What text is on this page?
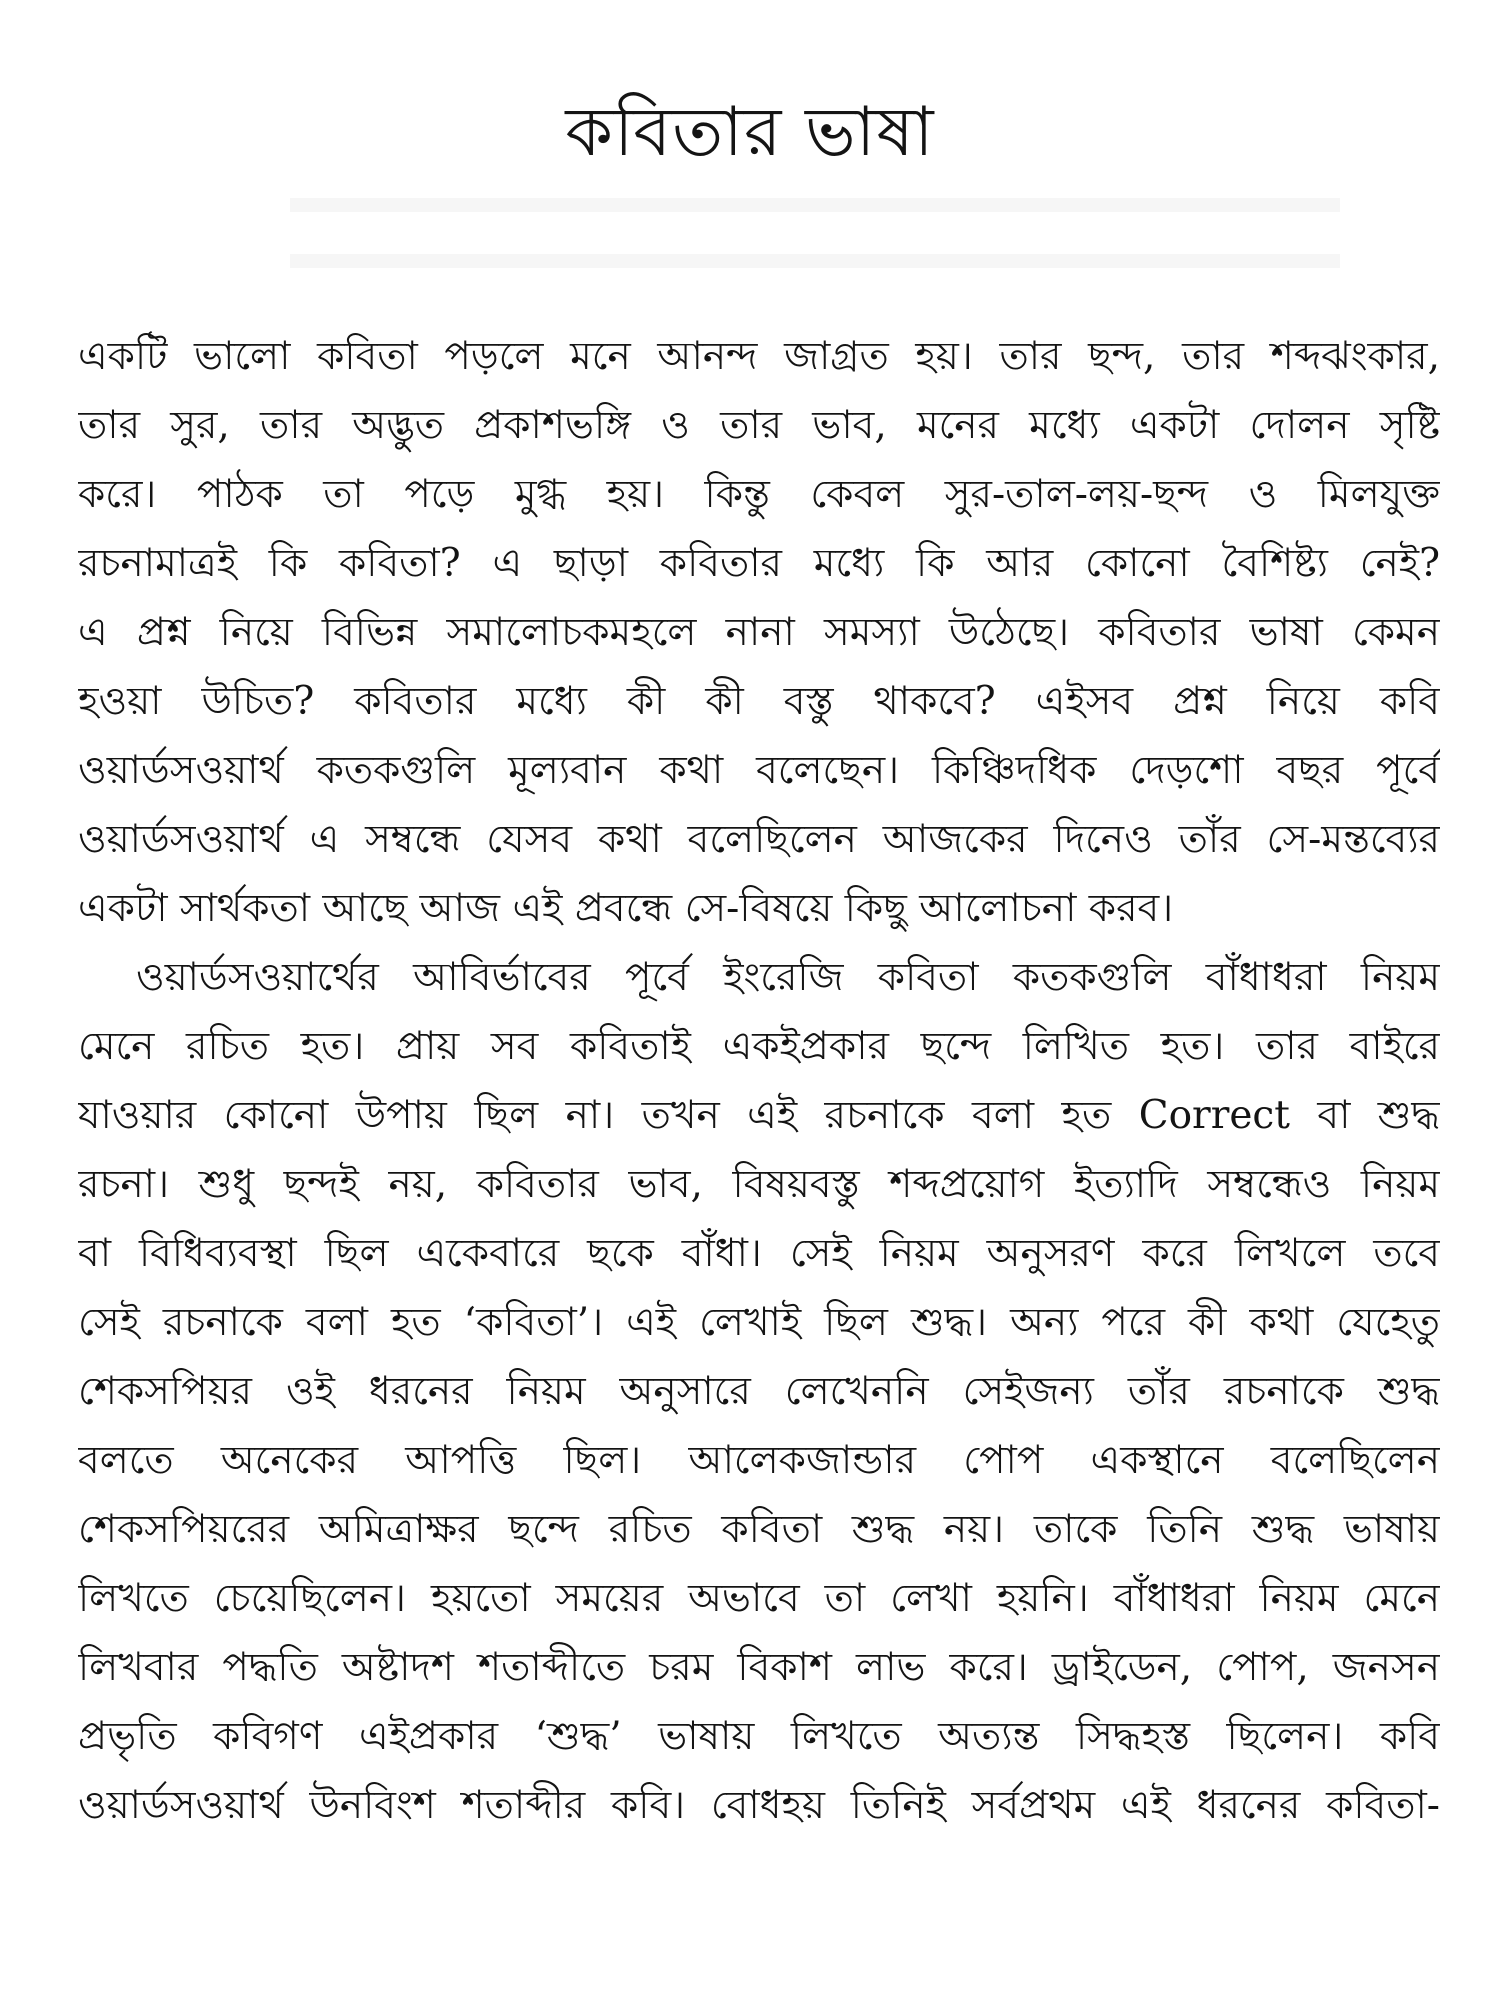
কবিতার ভাষা
একটি ভালো কবিতা পড়লে মনে আনন্দ জাগ্রত হয়। তার ছন্দ, তার শব্দঝংকার,
তার সুর, তার অদ্ভুত প্রকাশভঙ্গি ও তার ভাব, মনের মধ্যে একটা দোলন সৃষ্টি
করে। পাঠক তা পড়ে মুগ্ধ হয়। কিন্তু কেবল সুর-তাল-লয়-ছন্দ ও মিলযুক্ত
রচনামাত্রই কি কবিতা? এ ছাড়া কবিতার মধ্যে কি আর কোনো বৈশিষ্ট্য নেই?
এ প্রশ্ন নিয়ে বিভিন্ন সমালোচকমহলে নানা সমস্যা উঠেছে। কবিতার ভাষা কেমন
হওয়া উচিত? কবিতার মধ্যে কী কী বস্তু থাকবে? এইসব প্রশ্ন নিয়ে কবি
ওয়ার্ডসওয়ার্থ কতকগুলি মূল্যবান কথা বলেছেন। কিঞ্চিদধিক দেড়শো বছর পূর্বে
ওয়ার্ডসওয়ার্থ এ সম্বন্ধে যেসব কথা বলেছিলেন আজকের দিনেও তাঁর সে-মন্তব্যের
একটা সার্থকতা আছে আজ এই প্রবন্ধে সে-বিষয়ে কিছু আলোচনা করব।
ওয়ার্ডসওয়ার্থের আবির্ভাবের পূর্বে ইংরেজি কবিতা কতকগুলি বাঁধাধরা নিয়ম
মেনে রচিত হত। প্রায় সব কবিতাই একইপ্রকার ছন্দে লিখিত হত। তার বাইরে
যাওয়ার কোনো উপায় ছিল না। তখন এই রচনাকে বলা হত Correct বা শুদ্ধ
রচনা। শুধু ছন্দই নয়, কবিতার ভাব, বিষয়বস্তু শব্দপ্রয়োগ ইত্যাদি সম্বন্ধেও নিয়ম
বা বিধিব্যবস্থা ছিল একেবারে ছকে বাঁধা। সেই নিয়ম অনুসরণ করে লিখলে তবে
সেই রচনাকে বলা হত ‘কবিতা’। এই লেখাই ছিল শুদ্ধ। অন্য পরে কী কথা যেহেতু
শেকসপিয়র ওই ধরনের নিয়ম অনুসারে লেখেননি সেইজন্য তাঁর রচনাকে শুদ্ধ
বলতে অনেকের আপত্তি ছিল। আলেকজান্ডার পোপ একস্থানে বলেছিলেন
শেকসপিয়রের অমিত্রাক্ষর ছন্দে রচিত কবিতা শুদ্ধ নয়। তাকে তিনি শুদ্ধ ভাষায়
লিখতে চেয়েছিলেন। হয়তো সময়ের অভাবে তা লেখা হয়নি। বাঁধাধরা নিয়ম মেনে
লিখবার পদ্ধতি অষ্টাদশ শতাব্দীতে চরম বিকাশ লাভ করে। ড্রাইডেন, পোপ, জনসন
প্রভৃতি কবিগণ এইপ্রকার ‘শুদ্ধ’ ভাষায় লিখতে অত্যন্ত সিদ্ধহস্ত ছিলেন। কবি
ওয়ার্ডসওয়ার্থ উনবিংশ শতাব্দীর কবি। বোধহয় তিনিই সর্বপ্রথম এই ধরনের কবিতা-
